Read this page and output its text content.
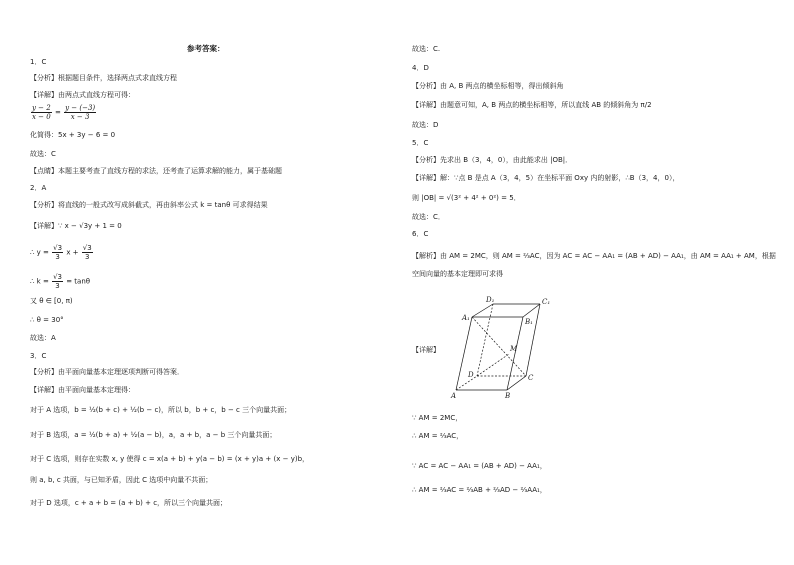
参考答案：
1．C
【分析】根据题目条件，选择两点式求直线方程
【详解】由两点式直线方程可得：
$\frac{y - 2}{x - 0} = \frac{y - (-3)}{x - 3}$
化简得：5x + 3y − 6 = 0
故选：C
【点睛】本题主要考查了直线方程的求法，还考查了运算求解的能力，属于基础题
2．A
【分析】将直线的一般式改写成斜截式，再由斜率公式 k = tanθ 可求得结果
【详解】∵ x − √3y + 1 = 0
∴ $y = \frac{√3}{3}$ $x + \frac{√3}{3}$
∴ $k = \frac{√3}{3} = \tan\theta$
又 θ ∈ [0, π)
∴ θ = 30°
故选：A
3．C
【分析】由平面向量基本定理逐项判断可得答案．
【详解】由平面向量基本定理得：
对于 A 选项，b = ½(b + c) + ½(b − c)，所以 b，b + c，b − c 三个向量共面；
对于 B 选项，a = ½(b + a) + ½(a − b)，a，a + b，a − b 三个向量共面；
对于 C 选项，则存在实数 x, y 使得 c = x(a + b) + y(a − b) = (x + y)a + (x − y)b，
则 a, b, c 共面，与已知矛盾，因此 C 选项中向量不共面；
对于 D 选项，c + a + b = (a + b) + c，所以三个向量共面；
故选：C.
4．D
【分析】由 A, B 两点的横坐标相等，得出倾斜角
【详解】由题意可知，A, B 两点的横坐标相等，所以直线 AB 的倾斜角为 π/2
故选：D
5．C
【分析】先求出 B（3，4，0），由此能求出 |OB|．
【详解】解：∵点 B 是点 A（3，4，5）在坐标平面 Oxy 内的射影，∴B（3，4，0），
则 |OB| = √(3² + 4² + 0²) = 5．
故选：C．
6．C
【解析】由 AM = 2MC，则 AM = ⅔AC，因为 AC = AC − AA₁ = (AB + AD) − AA₁，由 AM = AA₁ + AM，根据
空间向量的基本定理即可求得
【详解】
D₁	C₁
A₁	B₁
M
D	C
A	B
∵ AM = 2MC，
∴ AM = ⅔AC，
∵ AC = AC − AA₁ = (AB + AD) − AA₁，
∴ AM = ⅔AC = ⅔AB + ⅔AD − ⅔AA₁，
